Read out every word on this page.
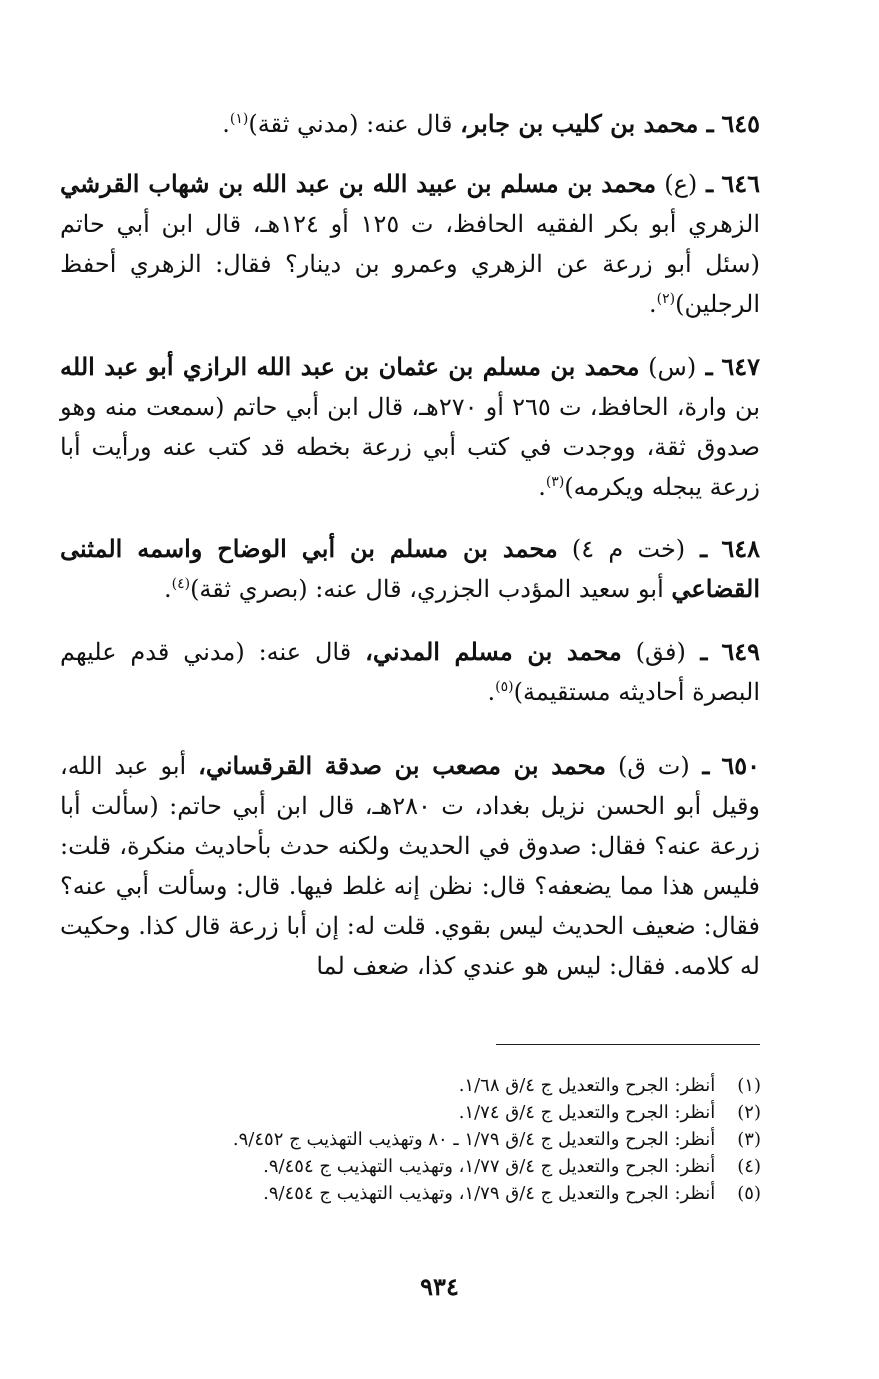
٦٤٥ ـ محمد بن كليب بن جابر، قال عنه: (مدني ثقة)$^{(١)}$.

٦٤٦ ـ (ع) محمد بن مسلم بن عبيد الله بن عبد الله بن شهاب القرشي الزهري أبو بكر الفقيه الحافظ، ت ١٢٥ أو ١٢٤هـ، قال ابن أبي حاتم (سئل أبو زرعة عن الزهري وعمرو بن دينار؟ فقال: الزهري أحفظ الرجلين)$^{(٢)}$.

٦٤٧ ـ (س) محمد بن مسلم بن عثمان بن عبد الله الرازي أبو عبد الله بن وارة، الحافظ، ت ٢٦٥ أو ٢٧٠هـ، قال ابن أبي حاتم (سمعت منه وهو صدوق ثقة، ووجدت في كتب أبي زرعة بخطه قد كتب عنه ورأيت أبا زرعة يبجله ويكرمه)$^{(٣)}$.

٦٤٨ ـ (خت م ٤) محمد بن مسلم بن أبي الوضاح واسمه المثنى القضاعي أبو سعيد المؤدب الجزري، قال عنه: (بصري ثقة)$^{(٤)}$.

٦٤٩ ـ (فق) محمد بن مسلم المدني، قال عنه: (مدني قدم عليهم البصرة أحاديثه مستقيمة)$^{(٥)}$.

٦٥٠ ـ (ت ق) محمد بن مصعب بن صدقة القرقساني، أبو عبد الله، وقيل أبو الحسن نزيل بغداد، ت ٢٨٠هـ، قال ابن أبي حاتم: (سألت أبا زرعة عنه؟ فقال: صدوق في الحديث ولكنه حدث بأحاديث منكرة، قلت: فليس هذا مما يضعفه؟ قال: نظن إنه غلط فيها. قال: وسألت أبي عنه؟ فقال: ضعيف الحديث ليس بقوي. قلت له: إن أبا زرعة قال كذا. وحكيت له كلامه. فقال: ليس هو عندي كذا، ضعف لما

(١) أنظر: الجرح والتعديل ج ٤/ق ١/٦٨.

(٢) أنظر: الجرح والتعديل ج ٤/ق ١/٧٤.

(٣) أنظر: الجرح والتعديل ج ٤/ق ١/٧٩ ـ ٨٠ وتهذيب التهذيب ج ٩/٤٥٢.

(٤) أنظر: الجرح والتعديل ج ٤/ق ١/٧٧، وتهذيب التهذيب ج ٩/٤٥٤.

(٥) أنظر: الجرح والتعديل ج ٤/ق ١/٧٩، وتهذيب التهذيب ج ٩/٤٥٤.

٩٣٤
